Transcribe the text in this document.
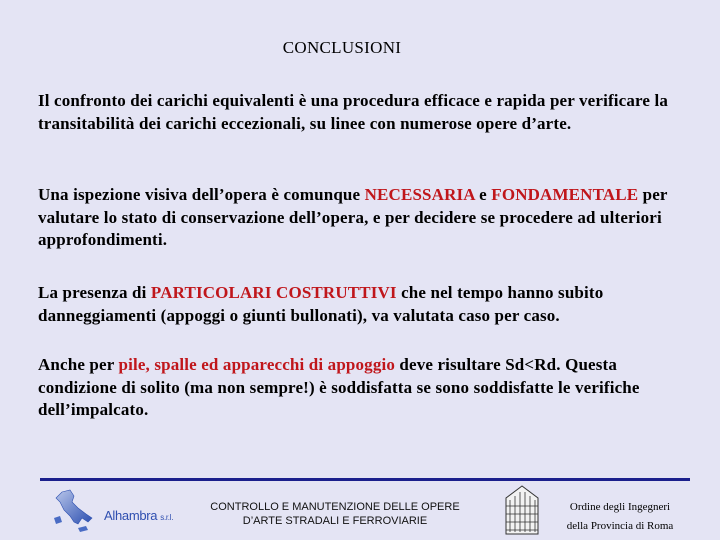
CONCLUSIONI
Il confronto dei carichi equivalenti è una procedura efficace e rapida per verificare la transitabilità dei carichi eccezionali, su linee con numerose opere d’arte.
Una ispezione visiva dell’opera è comunque NECESSARIA e FONDAMENTALE per valutare lo stato di conservazione dell’opera, e per decidere se procedere ad ulteriori approfondimenti.
La presenza di PARTICOLARI COSTRUTTIVI che nel tempo hanno subito danneggiamenti (appoggi o giunti bullonati), va valutata caso per caso.
Anche per pile, spalle ed apparecchi di appoggio deve risultare Sd<Rd. Questa condizione di solito (ma non sempre!) è soddisfatta se sono soddisfatte le verifiche dell’impalcato.
Alhambra s.r.l.
CONTROLLO E MANUTENZIONE DELLE OPERE
D’ARTE STRADALI E FERROVIARIE
Ordine degli Ingegneri
della Provincia di Roma
